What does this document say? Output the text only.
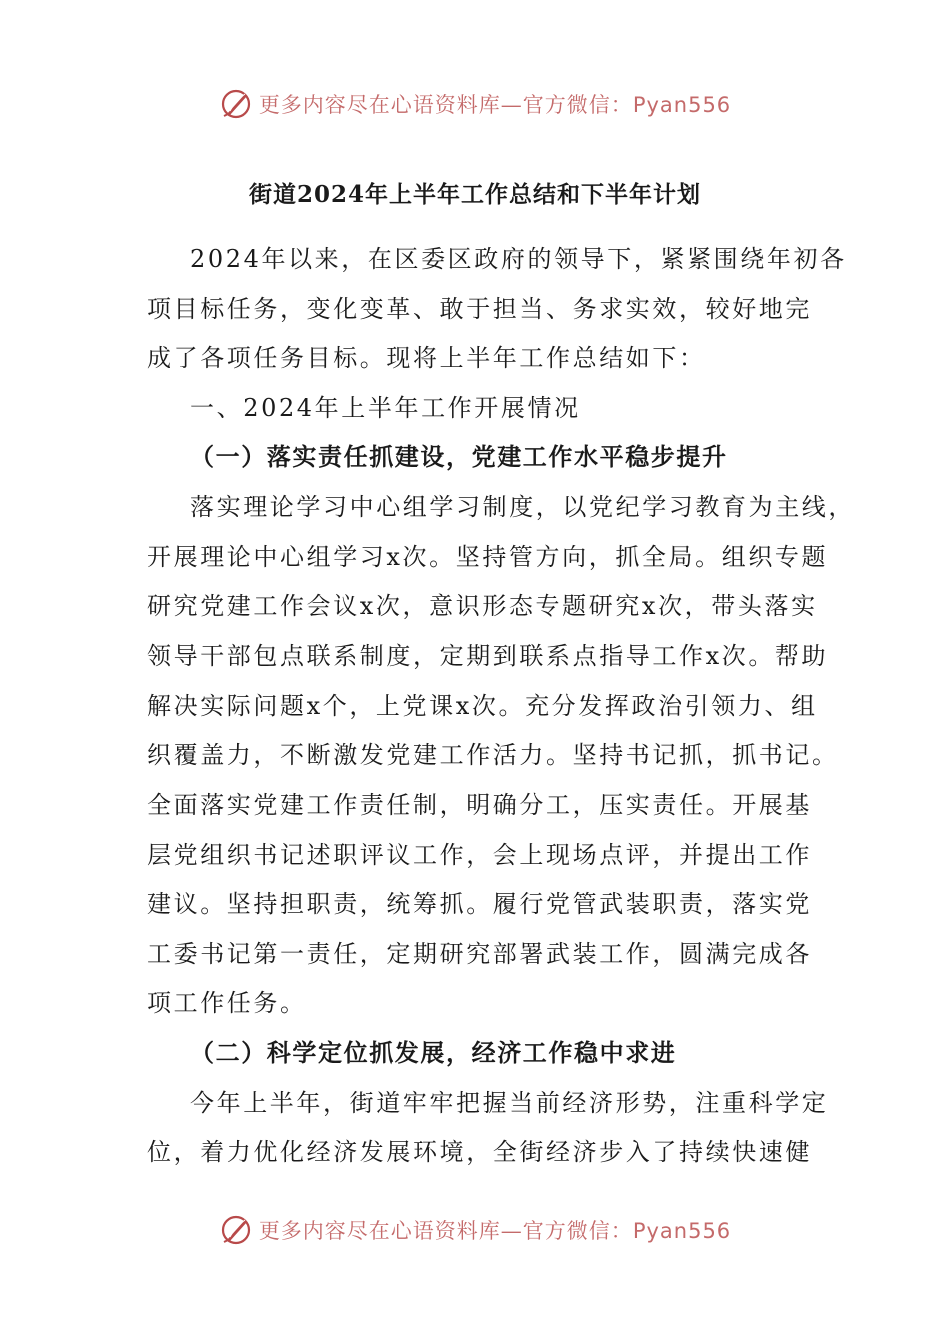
更多内容尽在心语资料库—官方微信：Pyan556
街道2024年上半年工作总结和下半年计划
2024年以来，在区委区政府的领导下，紧紧围绕年初各
项目标任务，变化变革、敢于担当、务求实效，较好地完
成了各项任务目标。现将上半年工作总结如下：
一、2024年上半年工作开展情况
（一）落实责任抓建设，党建工作水平稳步提升
落实理论学习中心组学习制度，以党纪学习教育为主线，
开展理论中心组学习x次。坚持管方向，抓全局。组织专题
研究党建工作会议x次，意识形态专题研究x次，带头落实
领导干部包点联系制度，定期到联系点指导工作x次。帮助
解决实际问题x个，上党课x次。充分发挥政治引领力、组
织覆盖力，不断激发党建工作活力。坚持书记抓，抓书记。
全面落实党建工作责任制，明确分工，压实责任。开展基
层党组织书记述职评议工作，会上现场点评，并提出工作
建议。坚持担职责，统筹抓。履行党管武装职责，落实党
工委书记第一责任，定期研究部署武装工作，圆满完成各
项工作任务。
（二）科学定位抓发展，经济工作稳中求进
今年上半年，街道牢牢把握当前经济形势，注重科学定
位，着力优化经济发展环境，全街经济步入了持续快速健
更多内容尽在心语资料库—官方微信：Pyan556
